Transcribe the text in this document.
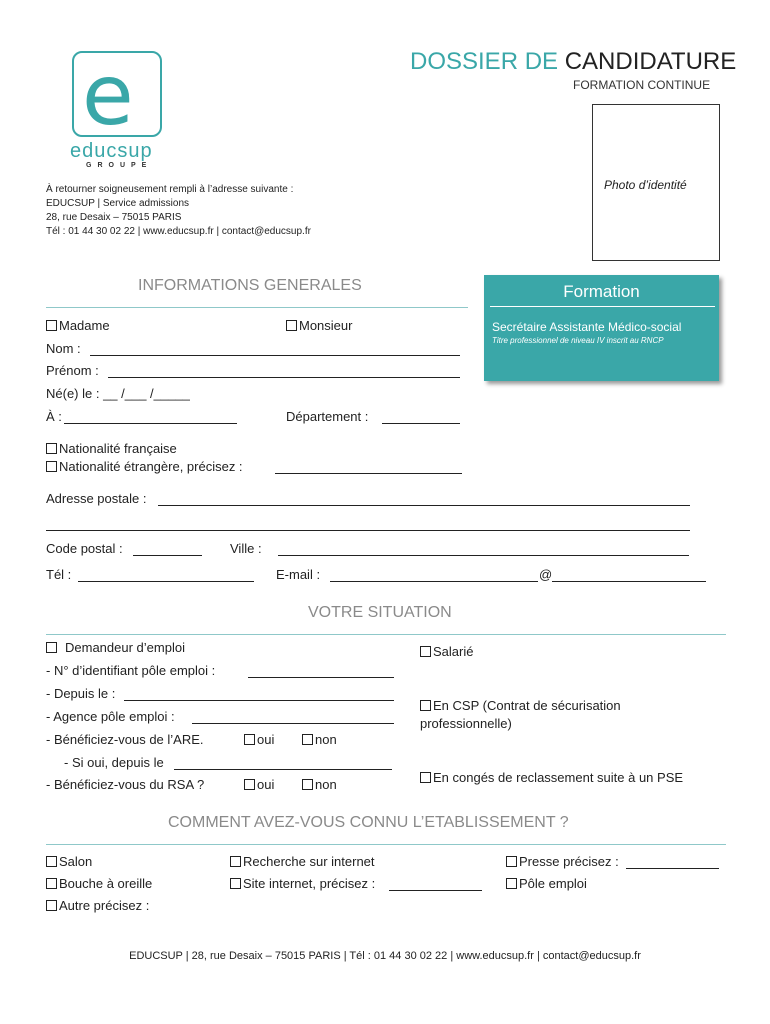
e
educsup
GROUPE
DOSSIER DE CANDIDATURE
FORMATION CONTINUE
Photo d’identité
À retourner soigneusement rempli à l’adresse suivante :
EDUCSUP | Service admissions
28, rue Desaix – 75015 PARIS
Tél : 01 44 30 02 22 | www.educsup.fr | contact@educsup.fr
INFORMATIONS GENERALES	Formation
Secrétaire Assistante Médico-social
Titre professionnel de niveau IV inscrit au RNCP
Madame	Monsieur
Nom :
Prénom :
Né(e) le : __ /___ /_____
À :	Département :
Nationalité française
Nationalité étrangère, précisez :
Adresse postale :
Code postal :	Ville :
Tél :	E-mail :	@
VOTRE SITUATION
Demandeur d’emploi
- N° d’identifiant pôle emploi :
- Depuis le :
- Agence pôle emploi :
- Bénéficiez-vous de l’ARE.	oui	non
- Si oui, depuis le
- Bénéficiez-vous du RSA ?	oui	non
Salarié
En CSP (Contrat de sécurisation
professionnelle)
En congés de reclassement suite à un PSE
COMMENT AVEZ-VOUS CONNU L’ETABLISSEMENT ?
Salon
Bouche à oreille
Autre précisez :
Recherche sur internet
Site internet, précisez :
Presse précisez :
Pôle emploi
EDUCSUP | 28, rue Desaix – 75015 PARIS | Tél : 01 44 30 02 22 | www.educsup.fr | contact@educsup.fr
